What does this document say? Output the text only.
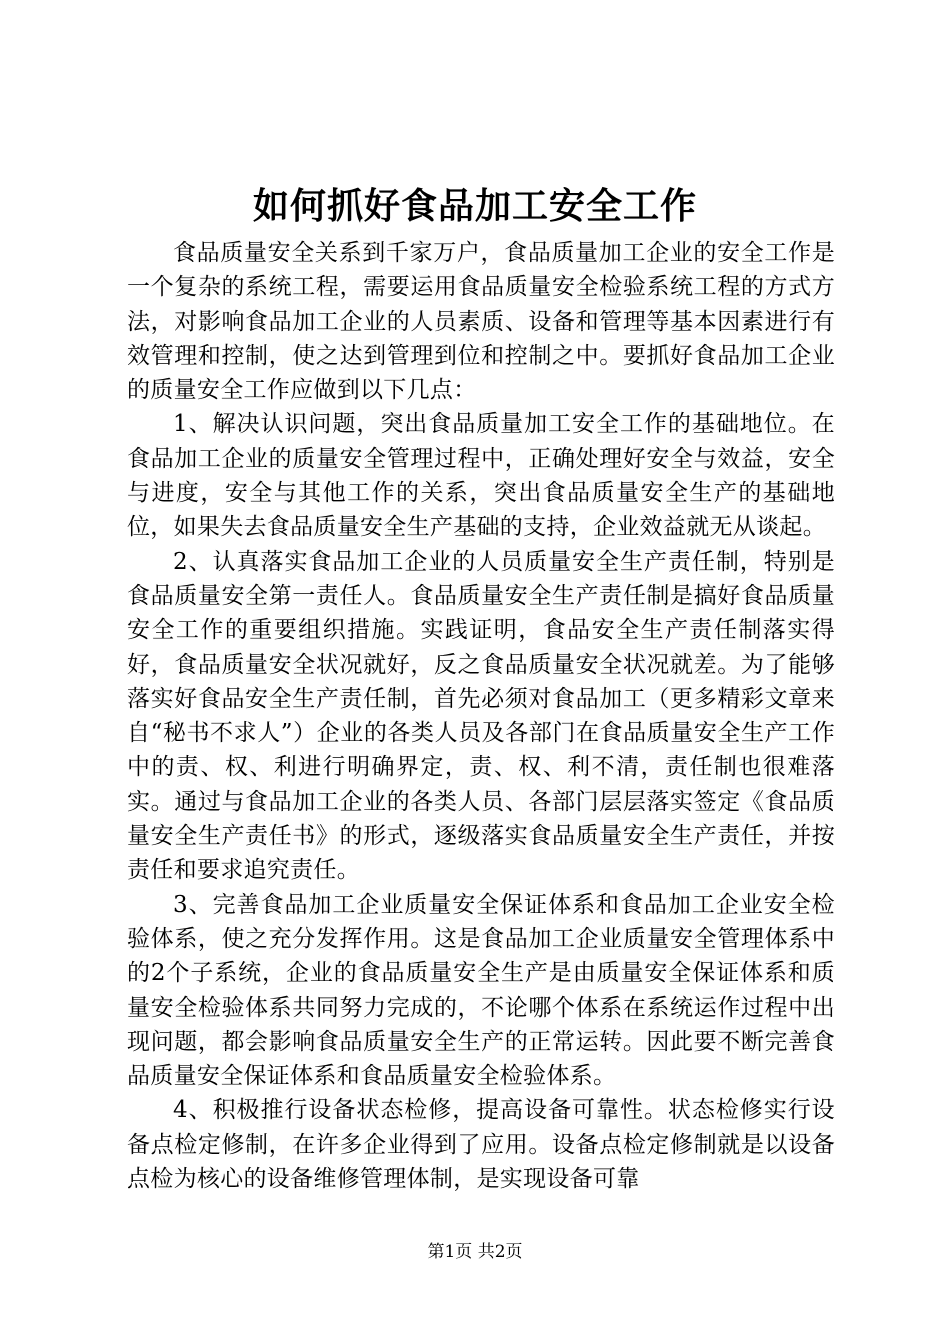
如何抓好食品加工安全工作

食品质量安全关系到千家万户，食品质量加工企业的安全工作是一个复杂的系统工程，需要运用食品质量安全检验系统工程的方式方法，对影响食品加工企业的人员素质、设备和管理等基本因素进行有效管理和控制，使之达到管理到位和控制之中。要抓好食品加工企业的质量安全工作应做到以下几点：

1、解决认识问题，突出食品质量加工安全工作的基础地位。在食品加工企业的质量安全管理过程中，正确处理好安全与效益，安全与进度，安全与其他工作的关系，突出食品质量安全生产的基础地位，如果失去食品质量安全生产基础的支持，企业效益就无从谈起。

2、认真落实食品加工企业的人员质量安全生产责任制，特别是食品质量安全第一责任人。食品质量安全生产责任制是搞好食品质量安全工作的重要组织措施。实践证明，食品安全生产责任制落实得好，食品质量安全状况就好，反之食品质量安全状况就差。为了能够落实好食品安全生产责任制，首先必须对食品加工（更多精彩文章来自“秘书不求人”）企业的各类人员及各部门在食品质量安全生产工作中的责、权、利进行明确界定，责、权、利不清，责任制也很难落实。通过与食品加工企业的各类人员、各部门层层落实签定《食品质量安全生产责任书》的形式，逐级落实食品质量安全生产责任，并按责任和要求追究责任。

3、完善食品加工企业质量安全保证体系和食品加工企业安全检验体系，使之充分发挥作用。这是食品加工企业质量安全管理体系中的2个子系统，企业的食品质量安全生产是由质量安全保证体系和质量安全检验体系共同努力完成的，不论哪个体系在系统运作过程中出现问题，都会影响食品质量安全生产的正常运转。因此要不断完善食品质量安全保证体系和食品质量安全检验体系。

4、积极推行设备状态检修，提高设备可靠性。状态检修实行设备点检定修制，在许多企业得到了应用。设备点检定修制就是以设备点检为核心的设备维修管理体制，是实现设备可靠

第1页 共2页
